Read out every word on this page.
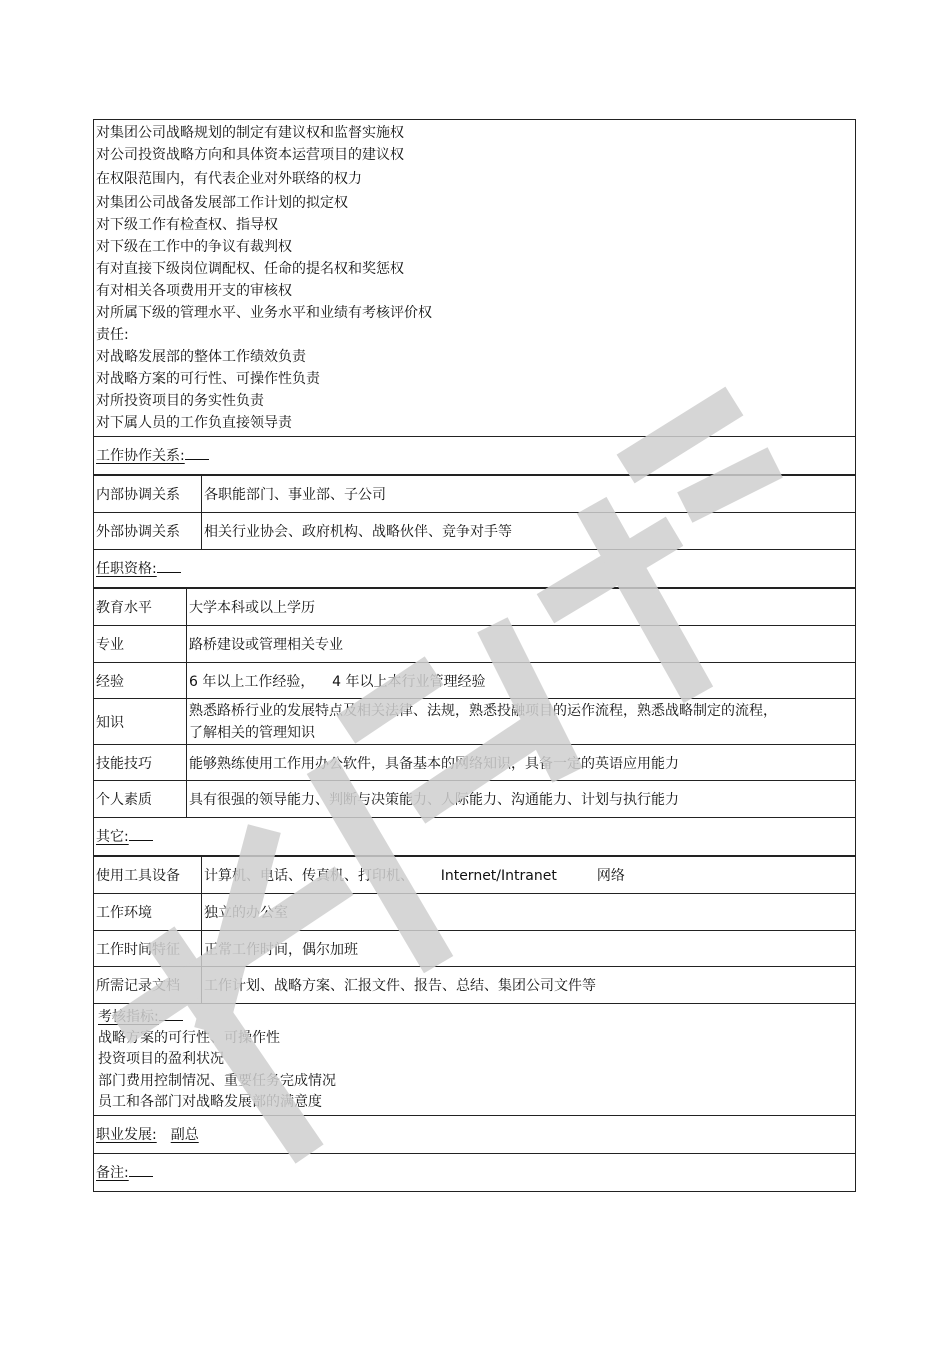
对集团公司战略规划的制定有建议权和监督实施权
对公司投资战略方向和具体资本运营项目的建议权
在权限范围内，有代表企业对外联络的权力
对集团公司战备发展部工作计划的拟定权
对下级工作有检查权、指导权
对下级在工作中的争议有裁判权
有对直接下级岗位调配权、任命的提名权和奖惩权
有对相关各项费用开支的审核权
对所属下级的管理水平、业务水平和业绩有考核评价权
责任:
对战略发展部的整体工作绩效负责
对战略方案的可行性、可操作性负责
对所投资项目的务实性负责
对下属人员的工作负直接领导责
工作协作关系:
内部协调关系	各职能部门、事业部、子公司
外部协调关系	相关行业协会、政府机构、战略伙伴、竞争对手等
任职资格:
教育水平	大学本科或以上学历
专业	路桥建设或管理相关专业
经验	6 年以上工作经验，    4 年以上本行业管理经验
知识	熟悉路桥行业的发展特点及相关法律、法规，熟悉投融项目的运作流程，熟悉战略制定的流程，了解相关的管理知识
技能技巧	能够熟练使用工作用办公软件，具备基本的网络知识，具备一定的英语应用能力
个人素质	具有很强的领导能力、判断与决策能力、人际能力、沟通能力、计划与执行能力
其它:
使用工具设备	计算机、电话、传真机、打印机、      Internet/Intranet         网络
工作环境	独立的办公室
工作时间特征	正常工作时间，偶尔加班
所需记录文档	工作计划、战略方案、汇报文件、报告、总结、集团公司文件等
考核指标:
战略方案的可行性、可操作性
投资项目的盈利状况
部门费用控制情况、重要任务完成情况
员工和各部门对战略发展部的满意度
职业发展: 副总
备注:
